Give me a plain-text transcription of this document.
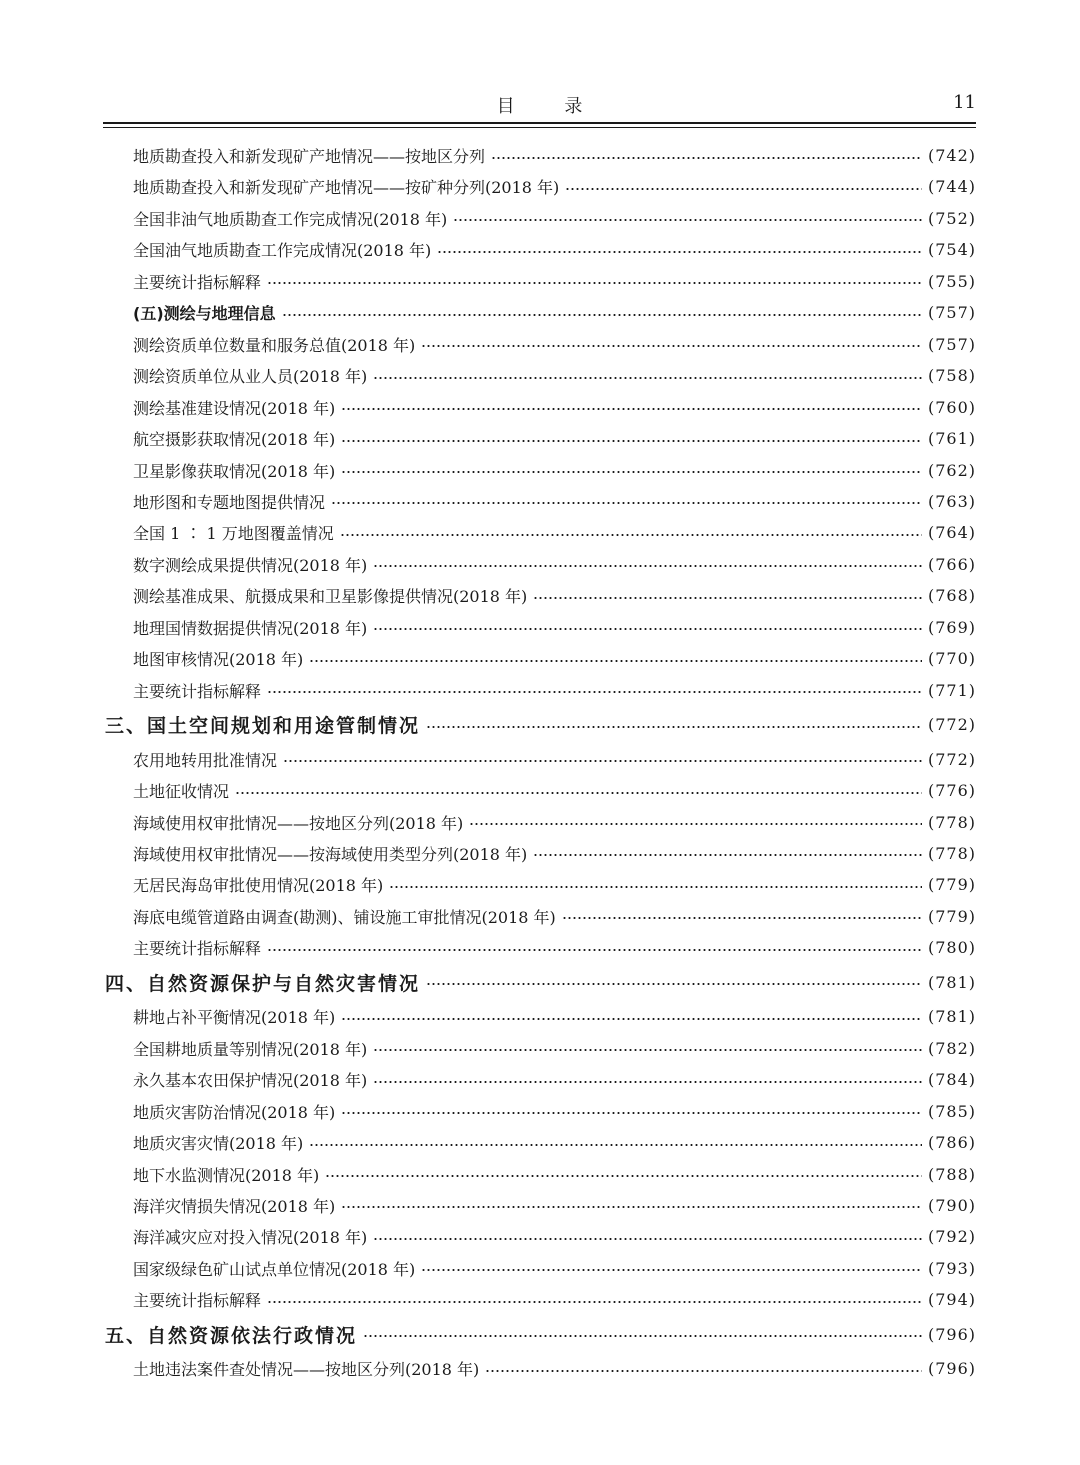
目 录	11
地质勘查投入和新发现矿产地情况——按地区分列	(742)
地质勘查投入和新发现矿产地情况——按矿种分列(2018 年)	(744)
全国非油气地质勘查工作完成情况(2018 年)	(752)
全国油气地质勘查工作完成情况(2018 年)	(754)
主要统计指标解释	(755)
(五)测绘与地理信息	(757)
测绘资质单位数量和服务总值(2018 年)	(757)
测绘资质单位从业人员(2018 年)	(758)
测绘基准建设情况(2018 年)	(760)
航空摄影获取情况(2018 年)	(761)
卫星影像获取情况(2018 年)	(762)
地形图和专题地图提供情况	(763)
全国 1 ∶ 1 万地图覆盖情况	(764)
数字测绘成果提供情况(2018 年)	(766)
测绘基准成果、航摄成果和卫星影像提供情况(2018 年)	(768)
地理国情数据提供情况(2018 年)	(769)
地图审核情况(2018 年)	(770)
主要统计指标解释	(771)
三、国土空间规划和用途管制情况	(772)
农用地转用批准情况	(772)
土地征收情况	(776)
海域使用权审批情况——按地区分列(2018 年)	(778)
海域使用权审批情况——按海域使用类型分列(2018 年)	(778)
无居民海岛审批使用情况(2018 年)	(779)
海底电缆管道路由调查(勘测)、铺设施工审批情况(2018 年)	(779)
主要统计指标解释	(780)
四、自然资源保护与自然灾害情况	(781)
耕地占补平衡情况(2018 年)	(781)
全国耕地质量等别情况(2018 年)	(782)
永久基本农田保护情况(2018 年)	(784)
地质灾害防治情况(2018 年)	(785)
地质灾害灾情(2018 年)	(786)
地下水监测情况(2018 年)	(788)
海洋灾情损失情况(2018 年)	(790)
海洋减灾应对投入情况(2018 年)	(792)
国家级绿色矿山试点单位情况(2018 年)	(793)
主要统计指标解释	(794)
五、自然资源依法行政情况	(796)
土地违法案件查处情况——按地区分列(2018 年)	(796)
